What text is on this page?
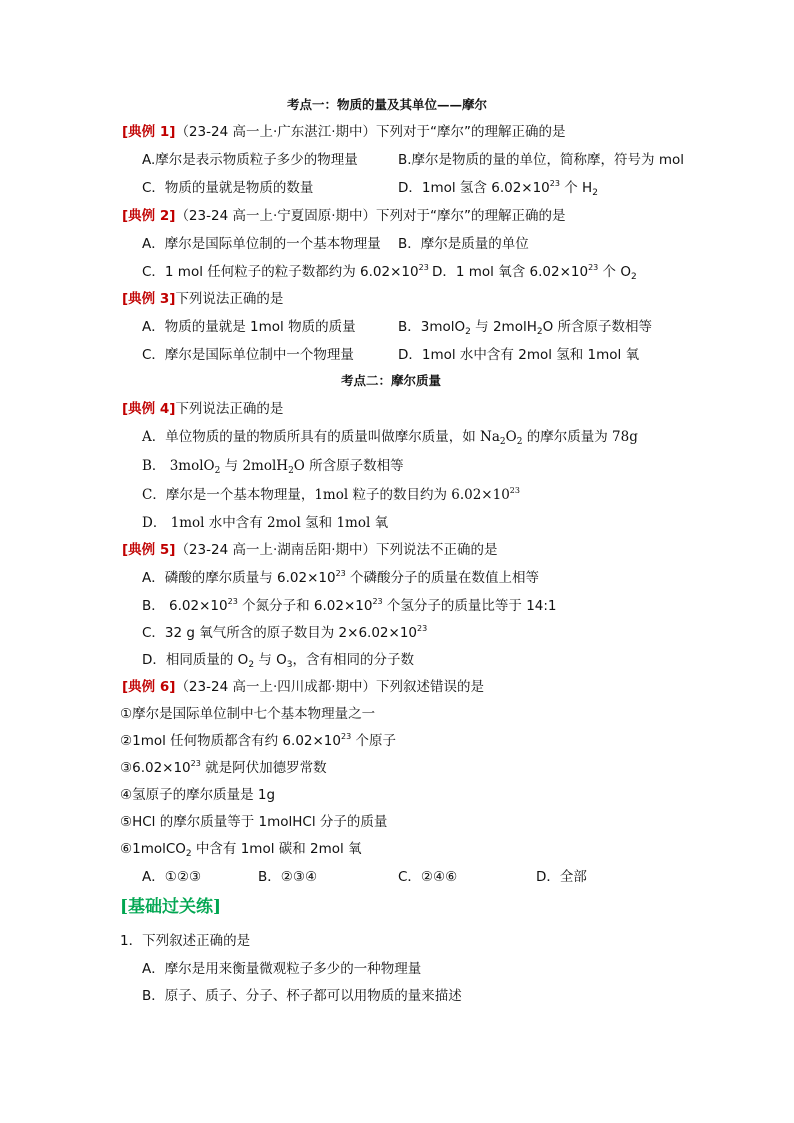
考点一：物质的量及其单位——摩尔
[典例 1]（23-24 高一上·广东湛江·期中）下列对于“摩尔”的理解正确的是
A.摩尔是表示物质粒子多少的物理量	B.摩尔是物质的量的单位，简称摩，符号为 mol
C．物质的量就是物质的数量	D．1mol 氢含 $6.02\times 10^{23}$ 个 $H_2$
[典例 2]（23-24 高一上·宁夏固原·期中）下列对于“摩尔”的理解正确的是
A．摩尔是国际单位制的一个基本物理量 B．摩尔是质量的单位
C．1 mol 任何粒子的粒子数都约为 $6.02\times 10^{23}$ D．1 mol 氧含 $6.02\times 10^{23}$ 个 $O_2$
[典例 3]下列说法正确的是
A．物质的量就是 1mol 物质的质量	B．3molO$_2$ 与 2molH$_2$O 所含原子数相等
C．摩尔是国际单位制中一个物理量	D．1mol 水中含有 2mol 氢和 1mol 氧
考点二：摩尔质量
[典例 4]下列说法正确的是
A．单位物质的量的物质所具有的质量叫做摩尔质量，如 $Na_2O_2$ 的摩尔质量为 78g
B． 3molO$_2$ 与 2molH$_2$O 所含原子数相等
C．摩尔是一个基本物理量，1mol 粒子的数目约为 $6.02\times 10^{23}$
D． 1mol 水中含有 2mol 氢和 1mol 氧
[典例 5]（23-24 高一上·湖南岳阳·期中）下列说法不正确的是
A．磷酸的摩尔质量与 $6.02\times 10^{23}$ 个磷酸分子的质量在数值上相等
B． $6.02\times 10^{23}$ 个氮分子和 $6.02\times 10^{23}$ 个氢分子的质量比等于 14:1
C．32 g 氧气所含的原子数目为 $2\times 6.02\times 10^{23}$
D．相同质量的 $O_2$ 与 $O_3$，含有相同的分子数
[典例 6]（23-24 高一上·四川成都·期中）下列叙述错误的是
①摩尔是国际单位制中七个基本物理量之一
②1mol 任何物质都含有约 $6.02\times 10^{23}$ 个原子
$③6.02\times 10^{23}$ 就是阿伏加德罗常数
④氢原子的摩尔质量是 1g
⑤HCl 的摩尔质量等于 1molHCl 分子的质量
⑥1molCO$_2$ 中含有 1mol 碳和 2mol 氧
A．①②③	B．②③④	C．②④⑥	D．全部
[基础过关练]
1．下列叙述正确的是
A．摩尔是用来衡量微观粒子多少的一种物理量
B．原子、质子、分子、杯子都可以用物质的量来描述
